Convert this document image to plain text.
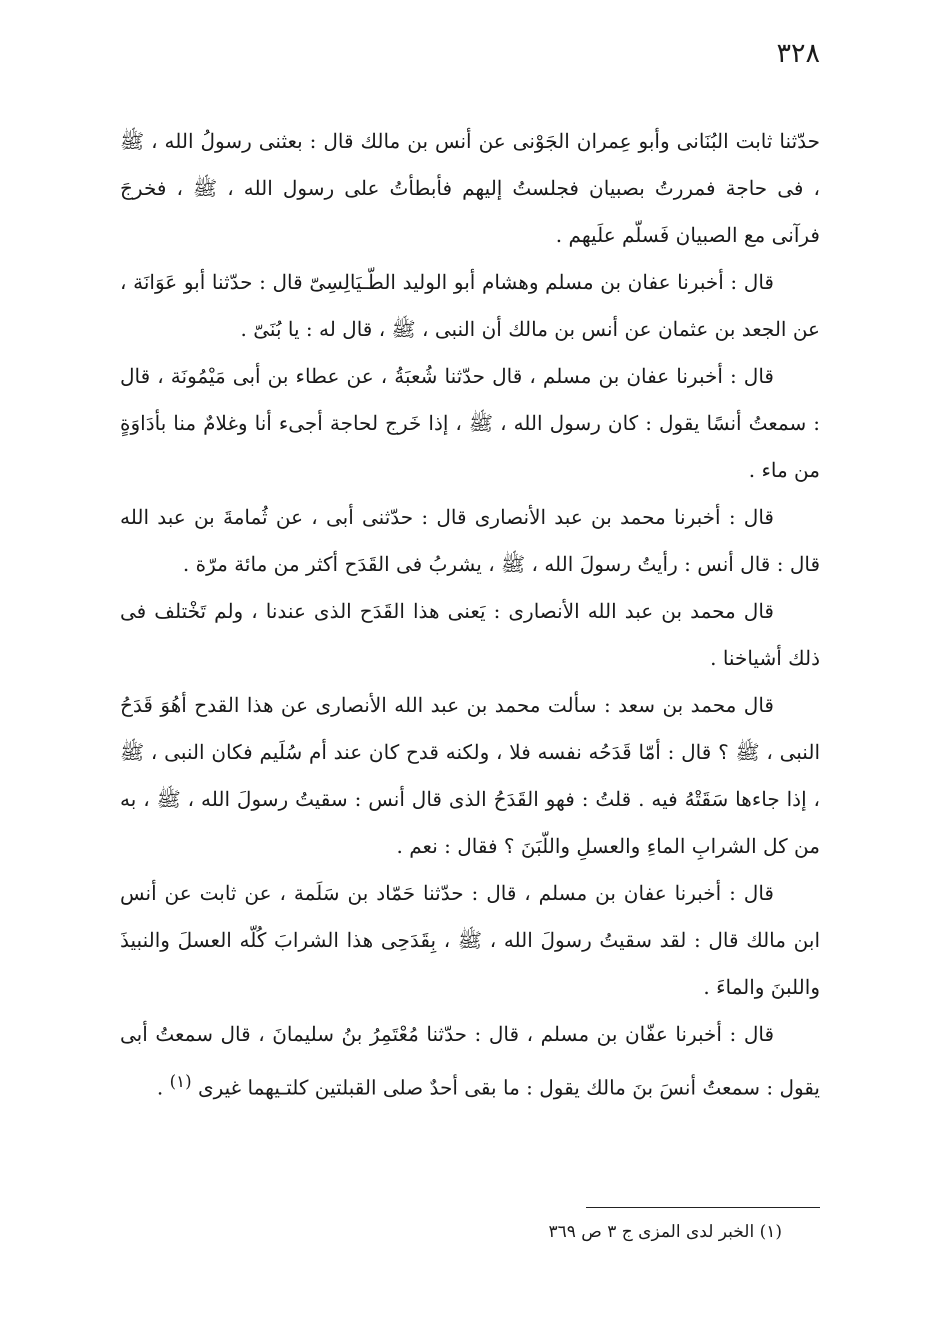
٣٢٨

حدّثنا ثابت البُنَانى وأبو عِمران الجَوْنى عن أنس بن مالك قال : بعثنى رسولُ الله ، ﷺ ، فى حاجة فمررتُ بصبيان فجلستُ إليهم فأبطأتُ على رسول الله ، ﷺ ، فخرجَ فرآنى مع الصبيان فَسلّم علَيهم .

قال : أخبرنا عفان بن مسلم وهشام أبو الوليد الطّـيَالِسِىّ قال : حدّثنا أبو عَوَانَة ، عن الجعد بن عثمان عن أنس بن مالك أن النبى ، ﷺ ، قال له : يا بُنَىّ .

قال : أخبرنا عفان بن مسلم ، قال حدّثنا شُعبَةُ ، عن عطاء بن أبى مَيْمُونَة ، قال : سمعتُ أنسًا يقول : كان رسول الله ، ﷺ ، إذا خَرج لحاجة أجىء أنا وغلامٌ منا بأدَاوَةٍ من ماء .

قال : أخبرنا محمد بن عبد الأنصارى قال : حدّثنى أبى ، عن ثُمامةَ بن عبد الله قال : قال أنس : رأيتُ رسولَ الله ، ﷺ ، يشربُ فى القَدَح أكثر من مائة مرّة .

قال محمد بن عبد الله الأنصارى : يَعنى هذا القَدَح الذى عندنا ، ولم تَخْتلف فى ذلك أشياخنا .

قال محمد بن سعد : سألت محمد بن عبد الله الأنصارى عن هذا القدح أهُوَ قَدَحُ النبى ، ﷺ ؟ قال : أمّا قَدَحُه نفسه فلا ، ولكنه قدح كان عند أم سُلَيم فكان النبى ، ﷺ ، إذا جاءها سَقَتْهُ فيه . قلتُ : فهو القَدَحُ الذى قال أنس : سقيتُ رسولَ الله ، ﷺ ، به من كل الشرابِ الماءِ والعسلِ واللّبَنَ ؟ فقال : نعم .

قال : أخبرنا عفان بن مسلم ، قال : حدّثنا حَمّاد بن سَلَمة ، عن ثابت عن أنس ابن مالك قال : لقد سقيتُ رسولَ الله ، ﷺ ، بِقَدَحِى هذا الشرابَ كُلّه العسلَ والنبيذَ واللبنَ والماءَ .

قال : أخبرنا عفّان بن مسلم ، قال : حدّثنا مُعْتَمِرُ بنُ سليمانَ ، قال سمعتُ أبى يقول : سمعتُ أنسَ بنَ مالك يقول : ما بقى أحدٌ صلى القبلتين كلتـيهما غيرى $^{(١)}$ .

(١) الخبر لدى المزى ج ٣ ص ٣٦٩
